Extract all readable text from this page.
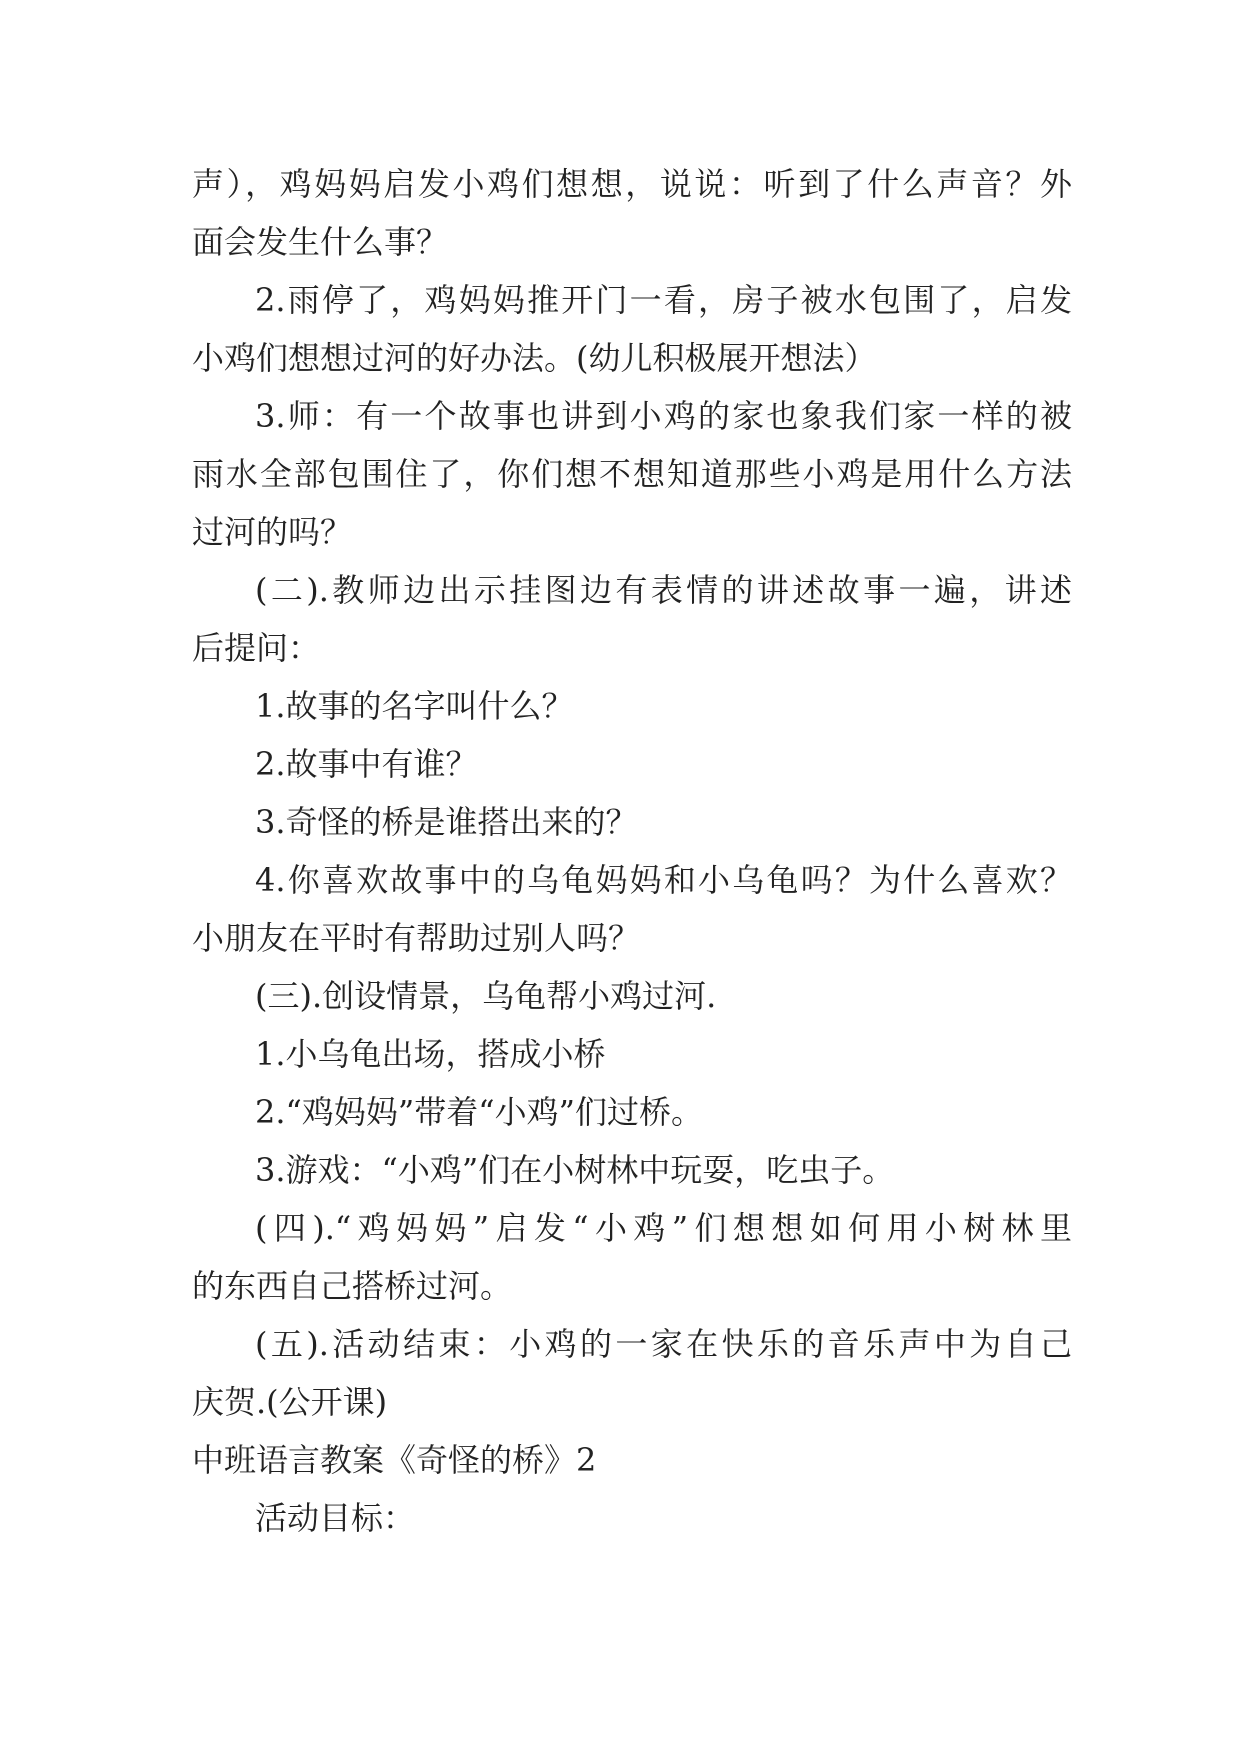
声），鸡妈妈启发小鸡们想想，说说：听到了什么声音？外
面会发生什么事？
2.雨停了，鸡妈妈推开门一看，房子被水包围了，启发
小鸡们想想过河的好办法。(幼儿积极展开想法）
3.师：有一个故事也讲到小鸡的家也象我们家一样的被
雨水全部包围住了，你们想不想知道那些小鸡是用什么方法
过河的吗？
(二).教师边出示挂图边有表情的讲述故事一遍，讲述
后提问：
1.故事的名字叫什么？
2.故事中有谁？
3.奇怪的桥是谁搭出来的？
4.你喜欢故事中的乌龟妈妈和小乌龟吗？为什么喜欢？
小朋友在平时有帮助过别人吗？
(三).创设情景，乌龟帮小鸡过河.
1.小乌龟出场，搭成小桥
2.“鸡妈妈”带着“小鸡”们过桥。
3.游戏：“小鸡”们在小树林中玩耍，吃虫子。
(四).“鸡妈妈”启发“小鸡”们想想如何用小树林里
的东西自己搭桥过河。
(五).活动结束：小鸡的一家在快乐的音乐声中为自己
庆贺.(公开课)
中班语言教案《奇怪的桥》2
活动目标：
